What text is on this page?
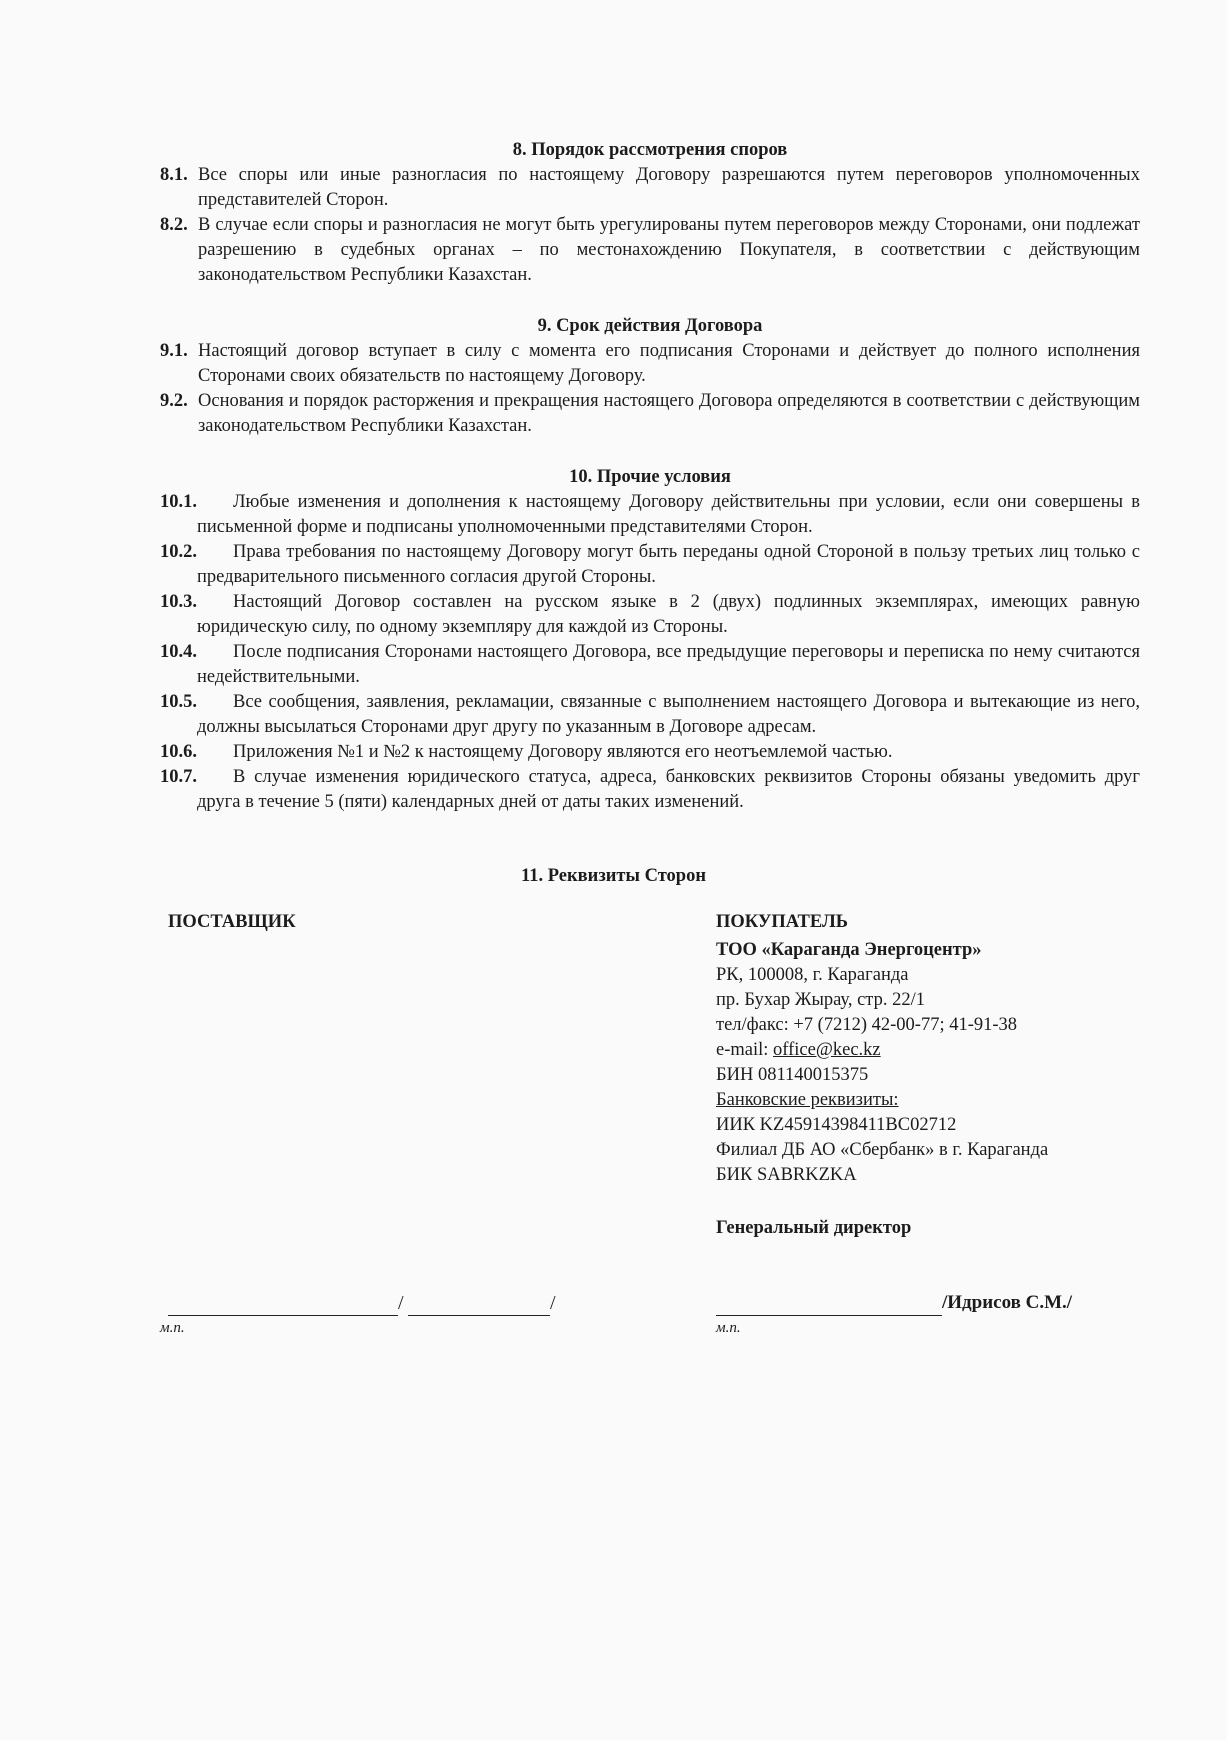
8. Порядок рассмотрения споров

8.1. Все споры или иные разногласия по настоящему Договору разрешаются путем переговоров уполномоченных представителей Сторон.

8.2. В случае если споры и разногласия не могут быть урегулированы путем переговоров между Сторонами, они подлежат разрешению в судебных органах – по местонахождению Покупателя, в соответствии с действующим законодательством Республики Казахстан.

9. Срок действия Договора

9.1. Настоящий договор вступает в силу с момента его подписания Сторонами и действует до полного исполнения Сторонами своих обязательств по настоящему Договору.

9.2. Основания и порядок расторжения и прекращения настоящего Договора определяются в соответствии с действующим законодательством Республики Казахстан.

10. Прочие условия

10.1. Любые изменения и дополнения к настоящему Договору действительны при условии, если они совершены в письменной форме и подписаны уполномоченными представителями Сторон.

10.2. Права требования по настоящему Договору могут быть переданы одной Стороной в пользу третьих лиц только с предварительного письменного согласия другой Стороны.

10.3. Настоящий Договор составлен на русском языке в 2 (двух) подлинных экземплярах, имеющих равную юридическую силу, по одному экземпляру для каждой из Стороны.

10.4. После подписания Сторонами настоящего Договора, все предыдущие переговоры и переписка по нему считаются недействительными.

10.5. Все сообщения, заявления, рекламации, связанные с выполнением настоящего Договора и вытекающие из него, должны высылаться Сторонами друг другу по указанным в Договоре адресам.

10.6. Приложения №1 и №2 к настоящему Договору являются его неотъемлемой частью.

10.7. В случае изменения юридического статуса, адреса, банковских реквизитов Стороны обязаны уведомить друг друга в течение 5 (пяти) календарных дней от даты таких изменений.

11. Реквизиты Сторон
ПОСТАВЩИК	ПОКУПАТЕЛЬ
ТОО «Караганда Энергоцентр»
РК, 100008, г. Караганда
пр. Бухар Жырау, стр. 22/1
тел/факс: +7 (7212) 42-00-77; 41-91-38
e-mail: office@kec.kz
БИН 081140015375
Банковские реквизиты:
ИИК KZ45914398411BC02712
Филиал ДБ АО «Сбербанк» в г. Караганда
БИК SABRKZKA
Генеральный директор
/	/
м.п.
/Идрисов С.М./
м.п.
